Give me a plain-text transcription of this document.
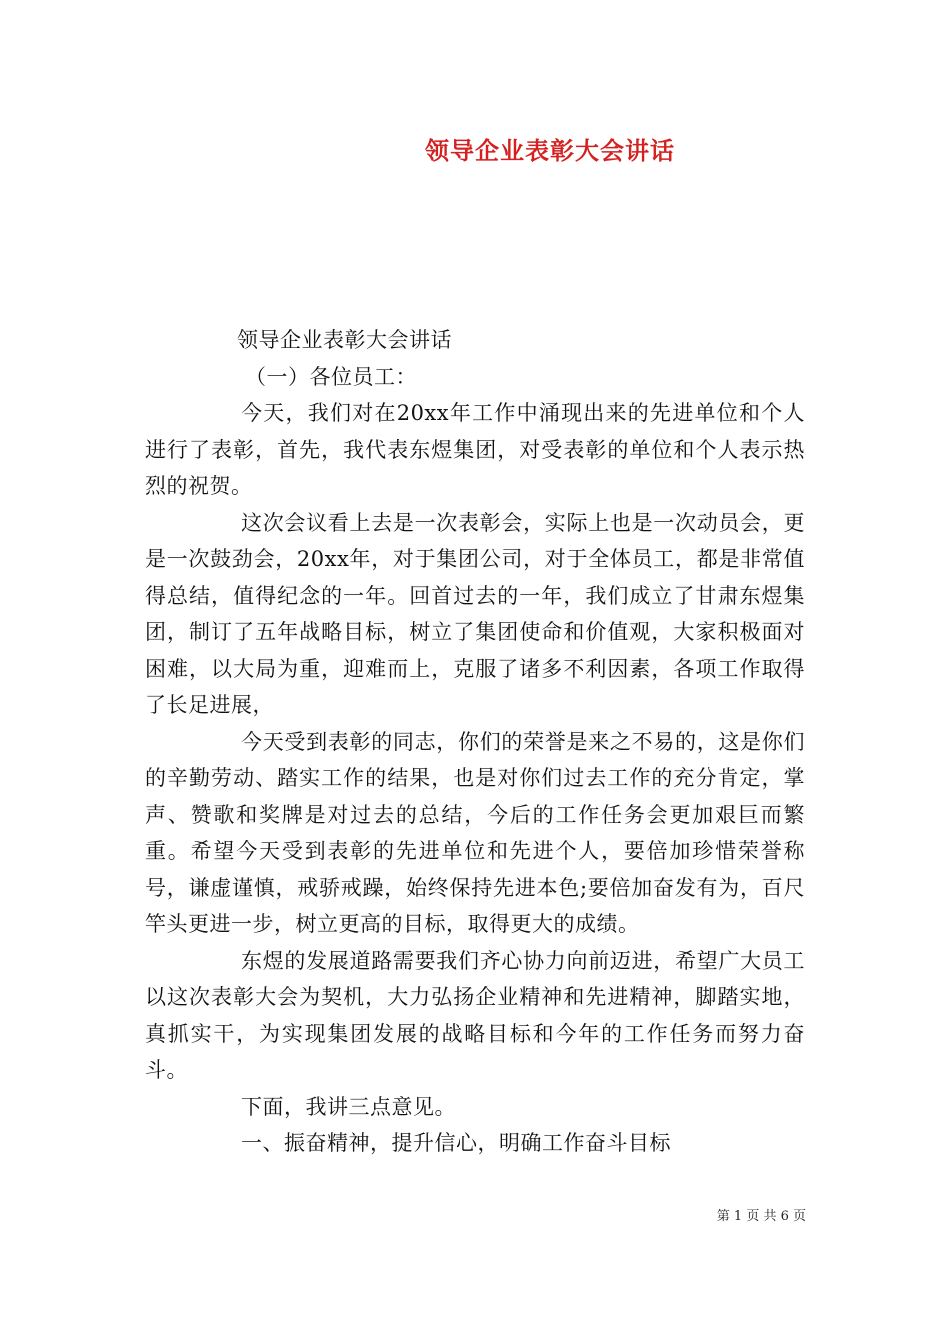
领导企业表彰大会讲话

领导企业表彰大会讲话

（一）各位员工：

今天，我们对在20xx年工作中涌现出来的先进单位和个人进行了表彰，首先，我代表东煜集团，对受表彰的单位和个人表示热烈的祝贺。

这次会议看上去是一次表彰会，实际上也是一次动员会，更是一次鼓劲会，20xx年，对于集团公司，对于全体员工，都是非常值得总结，值得纪念的一年。回首过去的一年，我们成立了甘肃东煜集团，制订了五年战略目标，树立了集团使命和价值观，大家积极面对困难，以大局为重，迎难而上，克服了诸多不利因素，各项工作取得了长足进展，

今天受到表彰的同志，你们的荣誉是来之不易的，这是你们的辛勤劳动、踏实工作的结果，也是对你们过去工作的充分肯定，掌声、赞歌和奖牌是对过去的总结，今后的工作任务会更加艰巨而繁重。希望今天受到表彰的先进单位和先进个人，要倍加珍惜荣誉称号，谦虚谨慎，戒骄戒躁，始终保持先进本色;要倍加奋发有为，百尺竿头更进一步，树立更高的目标，取得更大的成绩。

东煜的发展道路需要我们齐心协力向前迈进，希望广大员工以这次表彰大会为契机，大力弘扬企业精神和先进精神，脚踏实地，真抓实干，为实现集团发展的战略目标和今年的工作任务而努力奋斗。

下面，我讲三点意见。

一、振奋精神，提升信心，明确工作奋斗目标

第 1 页 共 6 页
